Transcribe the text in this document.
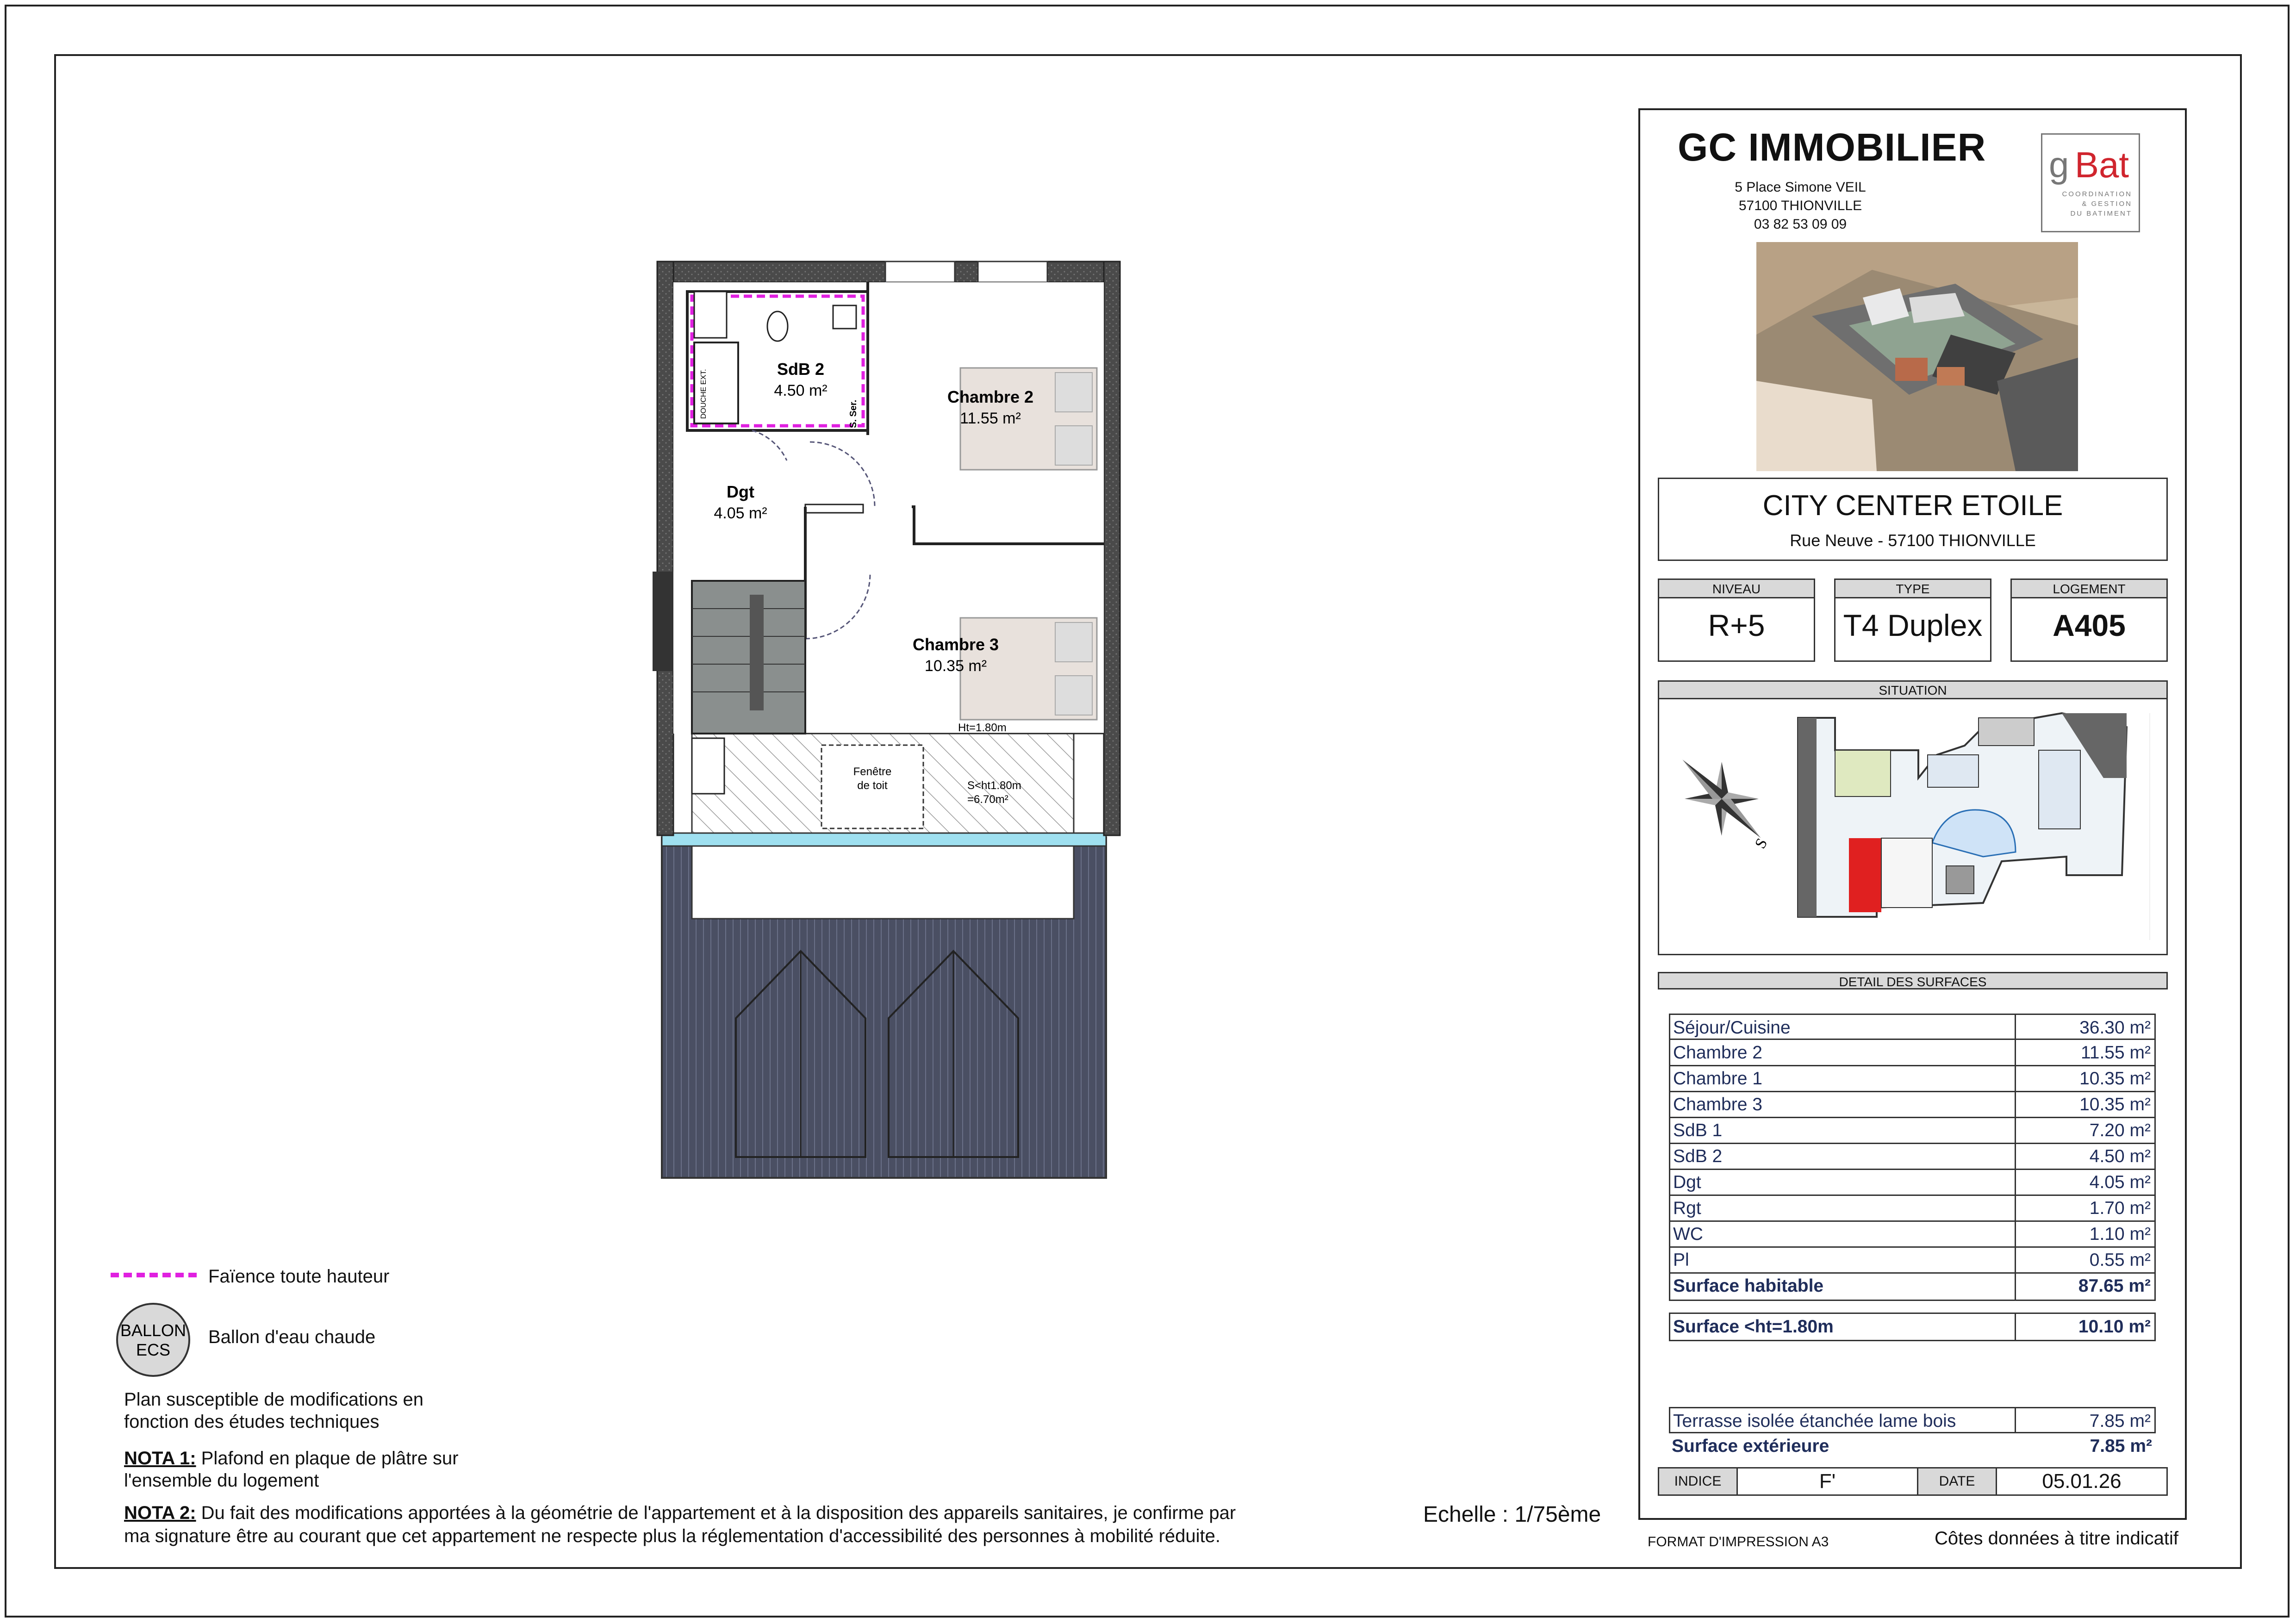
SdB 2
4.50 m²	Chambre 2
11.55 m²
Dgt
4.05 m²
Chambre 3
10.35 m²
Ht=1.80m
Fenêtre
de toit	S<ht1.80m
=6.70m²
S. Ser.
DOUCHE EXT.
Faïence toute hauteur
BALLON
ECS
Ballon d'eau chaude
Plan susceptible de modifications en
fonction des études techniques
NOTA 1: Plafond en plaque de plâtre sur
l'ensemble du logement
NOTA 2: Du fait des modifications apportées à la géométrie de l'appartement et à la disposition des appareils sanitaires, je confirme par
ma signature être au courant que cet appartement ne respecte plus la réglementation d'accessibilité des personnes à mobilité réduite.
Echelle : 1/75ème
GC IMMOBILIER
5 Place Simone VEIL
57100 THIONVILLE
03 82 53 09 09
g Bat
COORDINATION
& GESTION
DU BATIMENT
CITY CENTER ETOILE
Rue Neuve - 57100 THIONVILLE
NIVEAU
R+5
TYPE
T4 Duplex
LOGEMENT
A405
SITUATION
S
DETAIL DES SURFACES
Séjour/Cuisine	36.30 m²
Chambre 2	11.55 m²
Chambre 1	10.35 m²
Chambre 3	10.35 m²
SdB 1	7.20 m²
SdB 2	4.50 m²
Dgt	4.05 m²
Rgt	1.70 m²
WC	1.10 m²
Pl	0.55 m²
Surface habitable	87.65 m²
Surface <ht=1.80m	10.10 m²
Terrasse isolée étanchée lame bois	7.85 m²
Surface extérieure	7.85 m²
INDICE	F'	DATE	05.01.26
FORMAT D'IMPRESSION A3	Côtes données à titre indicatif
